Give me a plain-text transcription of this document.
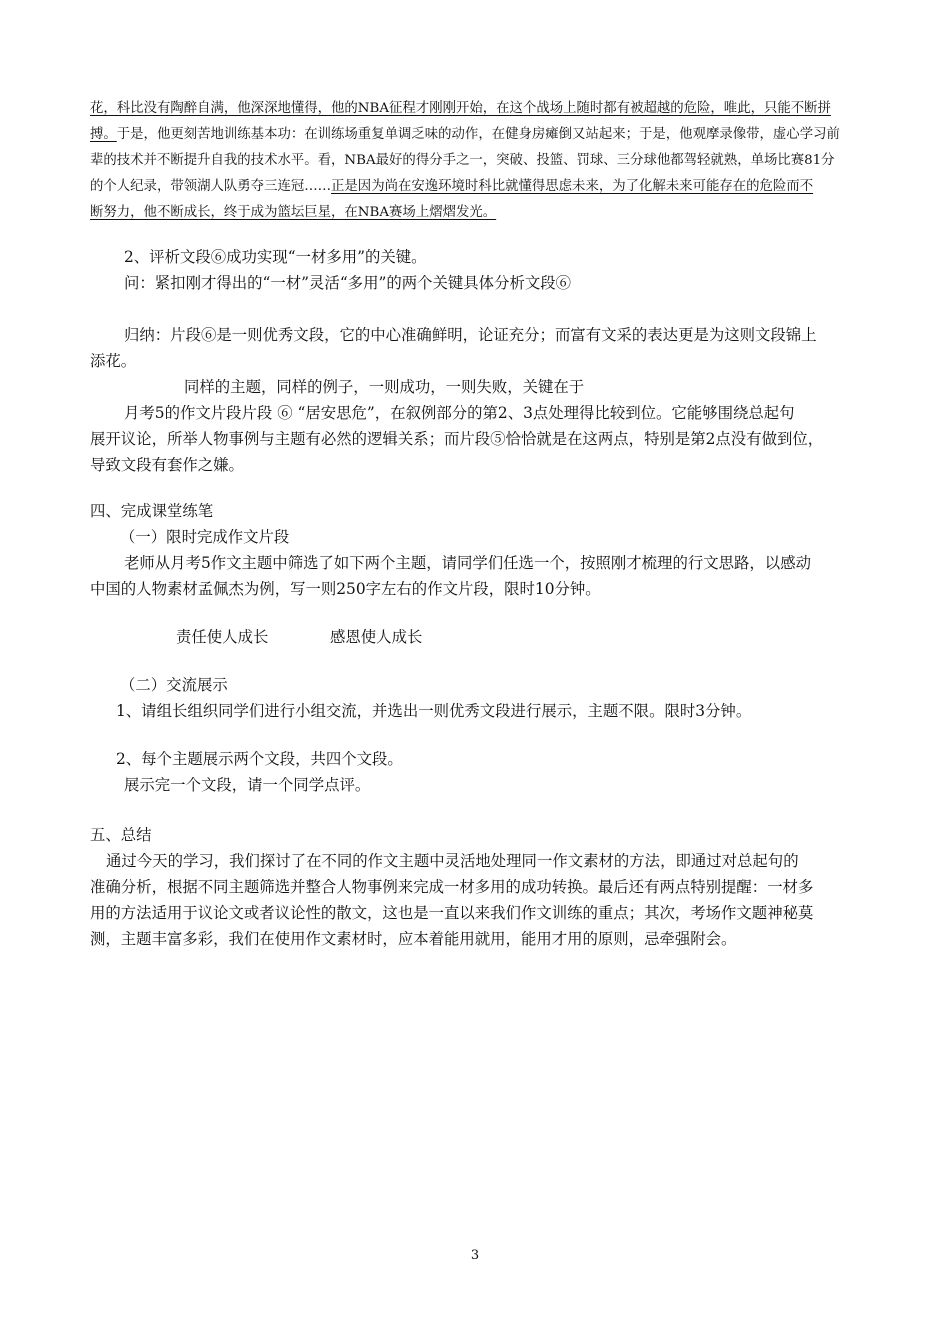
花，科比没有陶醉自满，他深深地懂得，他的NBA征程才刚刚开始，在这个战场上随时都有被超越的危险，唯此，只能不断拼
搏。于是，他更刻苦地训练基本功：在训练场重复单调乏味的动作，在健身房瘫倒又站起来；于是，他观摩录像带，虚心学习前
辈的技术并不断提升自我的技术水平。看，NBA最好的得分手之一，突破、投篮、罚球、三分球他都驾轻就熟，单场比赛81分
的个人纪录，带领湖人队勇夺三连冠……正是因为尚在安逸环境时科比就懂得思虑未来，为了化解未来可能存在的危险而不
断努力，他不断成长，终于成为篮坛巨星，在NBA赛场上熠熠发光。
2、评析文段⑥成功实现“一材多用”的关键。
问：紧扣刚才得出的“一材”灵活“多用”的两个关键具体分析文段⑥
归纳：片段⑥是一则优秀文段，它的中心准确鲜明，论证充分；而富有文采的表达更是为这则文段锦上
添花。
同样的主题，同样的例子，一则成功，一则失败，关键在于
月考5的作文片段片段 ⑥ “居安思危”，在叙例部分的第2、3点处理得比较到位。它能够围绕总起句
展开议论，所举人物事例与主题有必然的逻辑关系；而片段⑤恰恰就是在这两点，特别是第2点没有做到位，
导致文段有套作之嫌。
四、完成课堂练笔
（一）限时完成作文片段
老师从月考5作文主题中筛选了如下两个主题，请同学们任选一个，按照刚才梳理的行文思路，以感动
中国的人物素材孟佩杰为例，写一则250字左右的作文片段，限时10分钟。
责任使人成长	感恩使人成长
（二）交流展示
1、请组长组织同学们进行小组交流，并选出一则优秀文段进行展示，主题不限。限时3分钟。
2、每个主题展示两个文段，共四个文段。
展示完一个文段，请一个同学点评。
五、总结
通过今天的学习，我们探讨了在不同的作文主题中灵活地处理同一作文素材的方法，即通过对总起句的
准确分析，根据不同主题筛选并整合人物事例来完成一材多用的成功转换。最后还有两点特别提醒：一材多
用的方法适用于议论文或者议论性的散文，这也是一直以来我们作文训练的重点；其次，考场作文题神秘莫
测，主题丰富多彩，我们在使用作文素材时，应本着能用就用，能用才用的原则，忌牵强附会。
3
